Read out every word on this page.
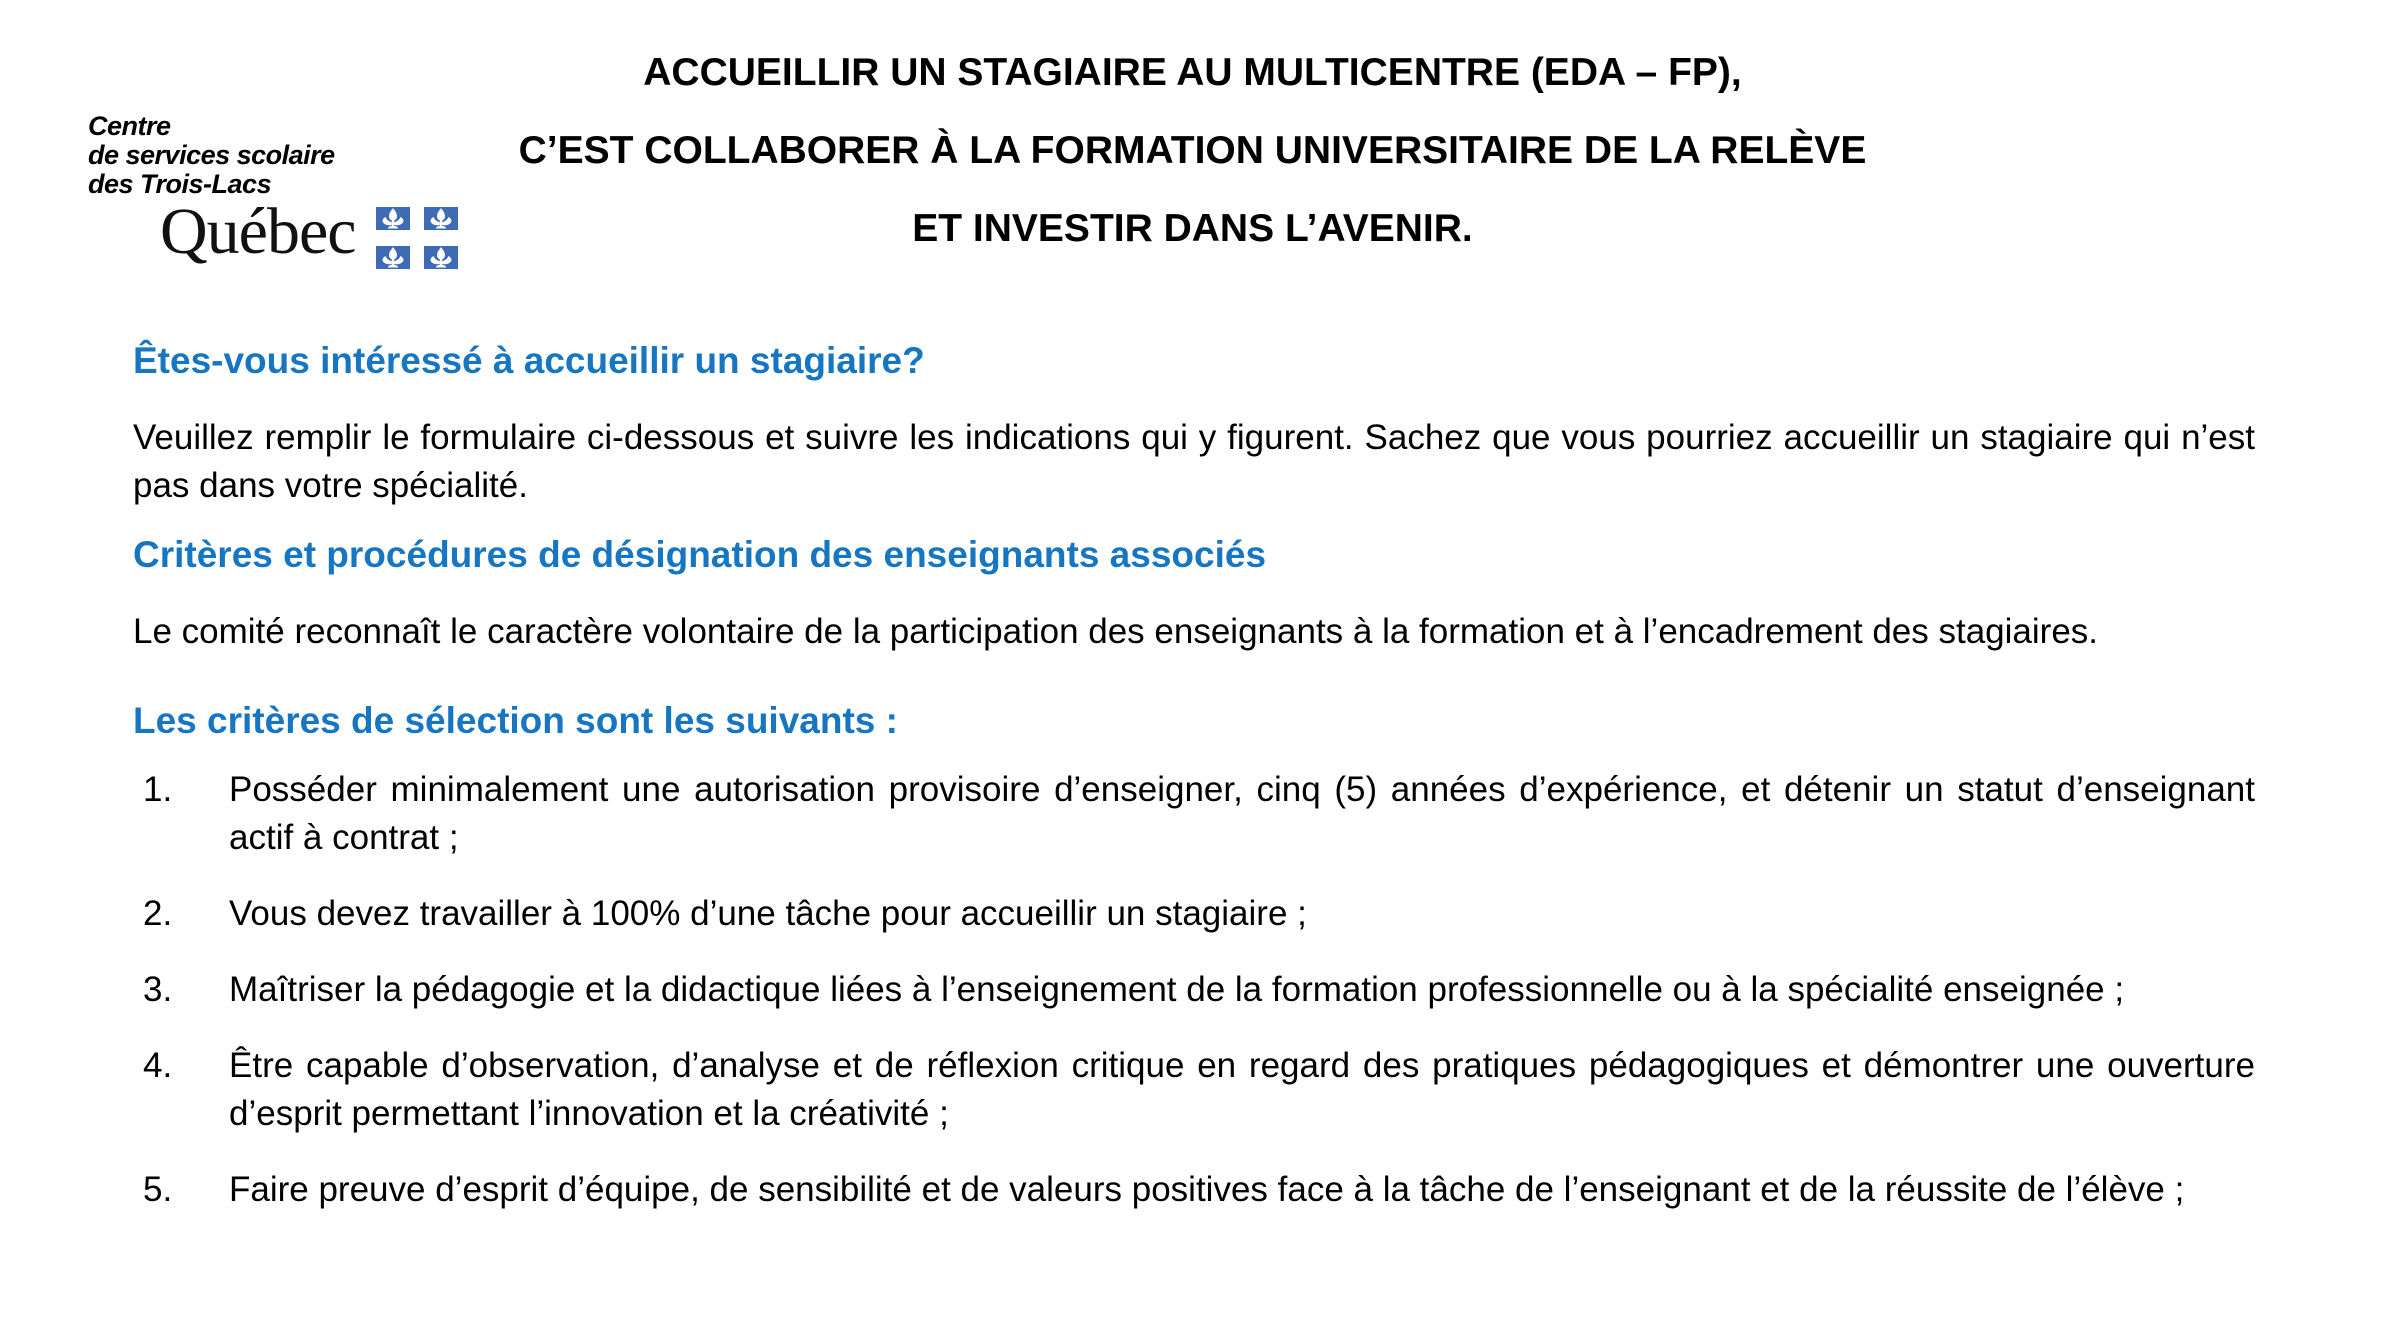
Centre
de services scolaire
des Trois-Lacs
Québec
ACCUEILLIR UN STAGIAIRE AU MULTICENTRE (EDA – FP),
C’EST COLLABORER À LA FORMATION UNIVERSITAIRE DE LA RELÈVE
ET INVESTIR DANS L’AVENIR.
Êtes-vous intéressé à accueillir un stagiaire?

Veuillez remplir le formulaire ci-dessous et suivre les indications qui y figurent. Sachez que vous pourriez accueillir un stagiaire qui n’est pas dans votre spécialité.

Critères et procédures de désignation des enseignants associés

Le comité reconnaît le caractère volontaire de la participation des enseignants à la formation et à l’encadrement des stagiaires.

Les critères de sélection sont les suivants :
1. Posséder minimalement une autorisation provisoire d’enseigner, cinq (5) années d’expérience, et détenir un statut d’enseignant actif à contrat ;
2. Vous devez travailler à 100% d’une tâche pour accueillir un stagiaire ;
3. Maîtriser la pédagogie et la didactique liées à l’enseignement de la formation professionnelle ou à la spécialité enseignée ;
4. Être capable d’observation, d’analyse et de réflexion critique en regard des pratiques pédagogiques et démontrer une ouverture d’esprit permettant l’innovation et la créativité ;
5. Faire preuve d’esprit d’équipe, de sensibilité et de valeurs positives face à la tâche de l’enseignant et de la réussite de l’élève ;
